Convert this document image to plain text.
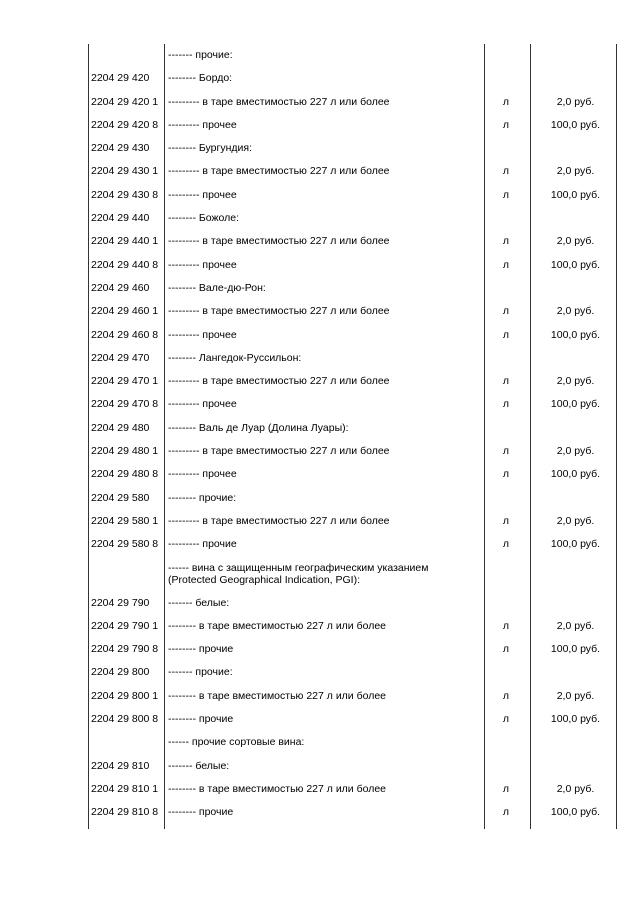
------- прочие:
2204 29 420 -------- Бордо:
2204 29 420 1 --------- в таре вместимостью 227 л или более	л	2,0 руб.
2204 29 420 8 --------- прочее	л	100,0 руб.
2204 29 430 -------- Бургундия:
2204 29 430 1 --------- в таре вместимостью 227 л или более	л	2,0 руб.
2204 29 430 8 --------- прочее	л	100,0 руб.
2204 29 440 -------- Божоле:
2204 29 440 1 --------- в таре вместимостью 227 л или более	л	2,0 руб.
2204 29 440 8 --------- прочее	л	100,0 руб.
2204 29 460 -------- Вале-дю-Рон:
2204 29 460 1 --------- в таре вместимостью 227 л или более	л	2,0 руб.
2204 29 460 8 --------- прочее	л	100,0 руб.
2204 29 470 -------- Лангедок-Руссильон:
2204 29 470 1 --------- в таре вместимостью 227 л или более	л	2,0 руб.
2204 29 470 8 --------- прочее	л	100,0 руб.
2204 29 480 -------- Валь де Луар (Долина Луары):
2204 29 480 1 --------- в таре вместимостью 227 л или более	л	2,0 руб.
2204 29 480 8 --------- прочее	л	100,0 руб.
2204 29 580 -------- прочие:
2204 29 580 1 --------- в таре вместимостью 227 л или более	л	2,0 руб.
2204 29 580 8 --------- прочие	л	100,0 руб.
------ вина с защищенным географическим указанием
(Protected Geographical Indication, PGI):
2204 29 790 ------- белые:
2204 29 790 1 -------- в таре вместимостью 227 л или более	л	2,0 руб.
2204 29 790 8 -------- прочие	л	100,0 руб.
2204 29 800 ------- прочие:
2204 29 800 1 -------- в таре вместимостью 227 л или более	л	2,0 руб.
2204 29 800 8 -------- прочие	л	100,0 руб.
------ прочие сортовые вина:
2204 29 810 ------- белые:
2204 29 810 1 -------- в таре вместимостью 227 л или более	л	2,0 руб.
2204 29 810 8 -------- прочие	л	100,0 руб.
